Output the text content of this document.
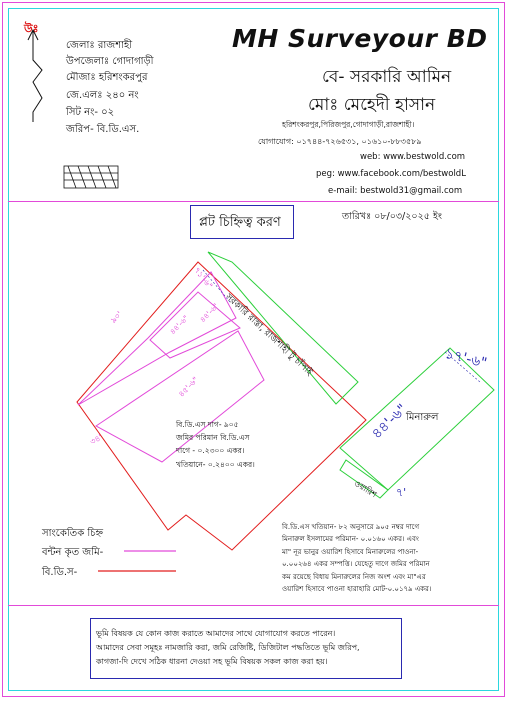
উঃ
জেলাঃ রাজশাহী
উপজেলাঃ গোদাগাড়ী
মৌজাঃ হরিশংকরপুর
জে.এলঃ ২৪০ নং
সিট নং- ০২
জরিপ- বি.ডি.এস.
MH Surveyour BD
বে- সরকারি আমিন
মোঃ মেহেদী হাসান
হরিশংকরপুর,পিরিজপুর,গোদাগাড়ী,রাজশাহী।
যোগাযোগ: ০১৭৪৪-৭২৬৫৩১, ০১৬১০-৮৮৩৫৮৯
web: www.bestwold.com
peg: www.facebook.com/bestwoldL
e-mail: bestwold31@gmail.com
প্লট চিহ্নিত্ব করণ	তারিখঃ ০৮/০৩/২০২৫ ইং
সরকারি রাস্তা, রাজশাহী টু চাঁপাই
৭১'-৬"
৯০'
৪৫'-৬"
৪৪'-৬"
৪৪'-৬"
৩৪'
১৭'-৬"
৪৪'-৬"
৭'
মিনারুল
ওয়ারিশ
বি.ডি.এস দাগ- ৯০৫
জমির পরিমান বি.ডি.এস
দাগে - ০.২৩০০ একর।
খতিয়ানে- ০.২৪০০ একর।
সাংকেতিক চিহ্ন
বন্টন কৃত জমি-
বি.ডি.স-
বি.ডি.এস খতিয়ান- ৮২ অনুসারে ৯০৫ নম্বর দাগে
মিনারুল ইসলামের পরিমান- ০.০১৬০ একর। এবং
মা" নূর ভানুর ওয়ারিশ হিসাবে মিনারুলের পাওনা-
০.০০২৬৪ একর সম্পত্তি। যেহেতু দাগে জমির পরিমান
কম রয়েছে বিধায় মিনারুলের নিজ অংশ এবং মা"এর
ওয়ারিশ হিসাবে পাওনা হারাহারি মোট-০.০১৭৯ একর।
ভূমি বিষয়ক যে কোন কাজ করাতে আমাদের সাথে যোগাযোগ করতে পারেন।
আমাদের সেবা সমূহঃ নামজারি করা, জমি রেজিষ্টি, ডিজিটাল পদ্ধতিতে ভূমি জরিপ,
কাগজা-দি দেখে সঠিক ধারনা দেওয়া সহ ভূমি বিষয়ক সকল কাজ করা হয়।
